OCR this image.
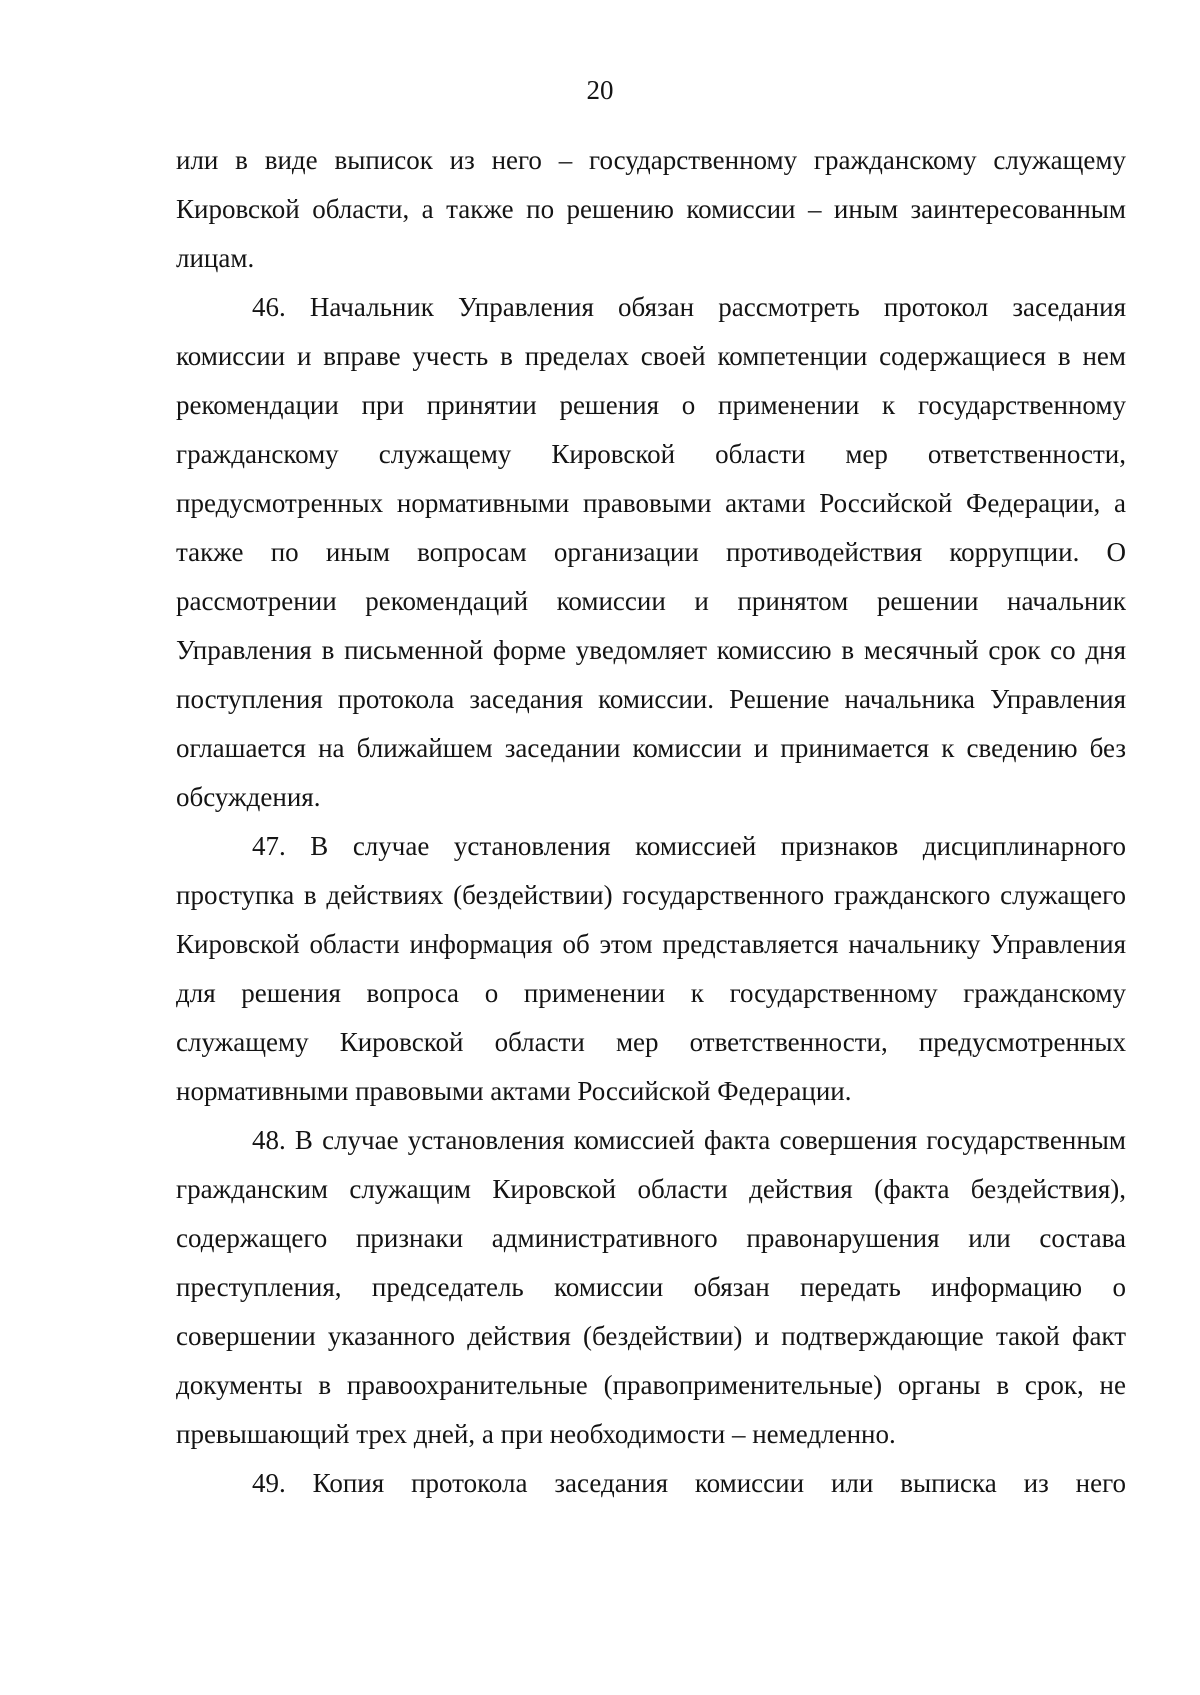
20

или в виде выписок из него – государственному гражданскому служащему Кировской области, а также по решению комиссии – иным заинтересованным лицам.

46. Начальник Управления обязан рассмотреть протокол заседания комиссии и вправе учесть в пределах своей компетенции содержащиеся в нем рекомендации при принятии решения о применении к государственному гражданскому служащему Кировской области мер ответственности, предусмотренных нормативными правовыми актами Российской Федерации, а также по иным вопросам организации противодействия коррупции. О рассмотрении рекомендаций комиссии и принятом решении начальник Управления в письменной форме уведомляет комиссию в месячный срок со дня поступления протокола заседания комиссии. Решение начальника Управления оглашается на ближайшем заседании комиссии и принимается к сведению без обсуждения.

47. В случае установления комиссией признаков дисциплинарного проступка в действиях (бездействии) государственного гражданского служащего Кировской области информация об этом представляется начальнику Управления для решения вопроса о применении к государственному гражданскому служащему Кировской области мер ответственности, предусмотренных нормативными правовыми актами Российской Федерации.

48. В случае установления комиссией факта совершения государственным гражданским служащим Кировской области действия (факта бездействия), содержащего признаки административного правонарушения или состава преступления, председатель комиссии обязан передать информацию о совершении указанного действия (бездействии) и подтверждающие такой факт документы в правоохранительные (правоприменительные) органы в срок, не превышающий трех дней, а при необходимости – немедленно.

49. Копия протокола заседания комиссии или выписка из него
